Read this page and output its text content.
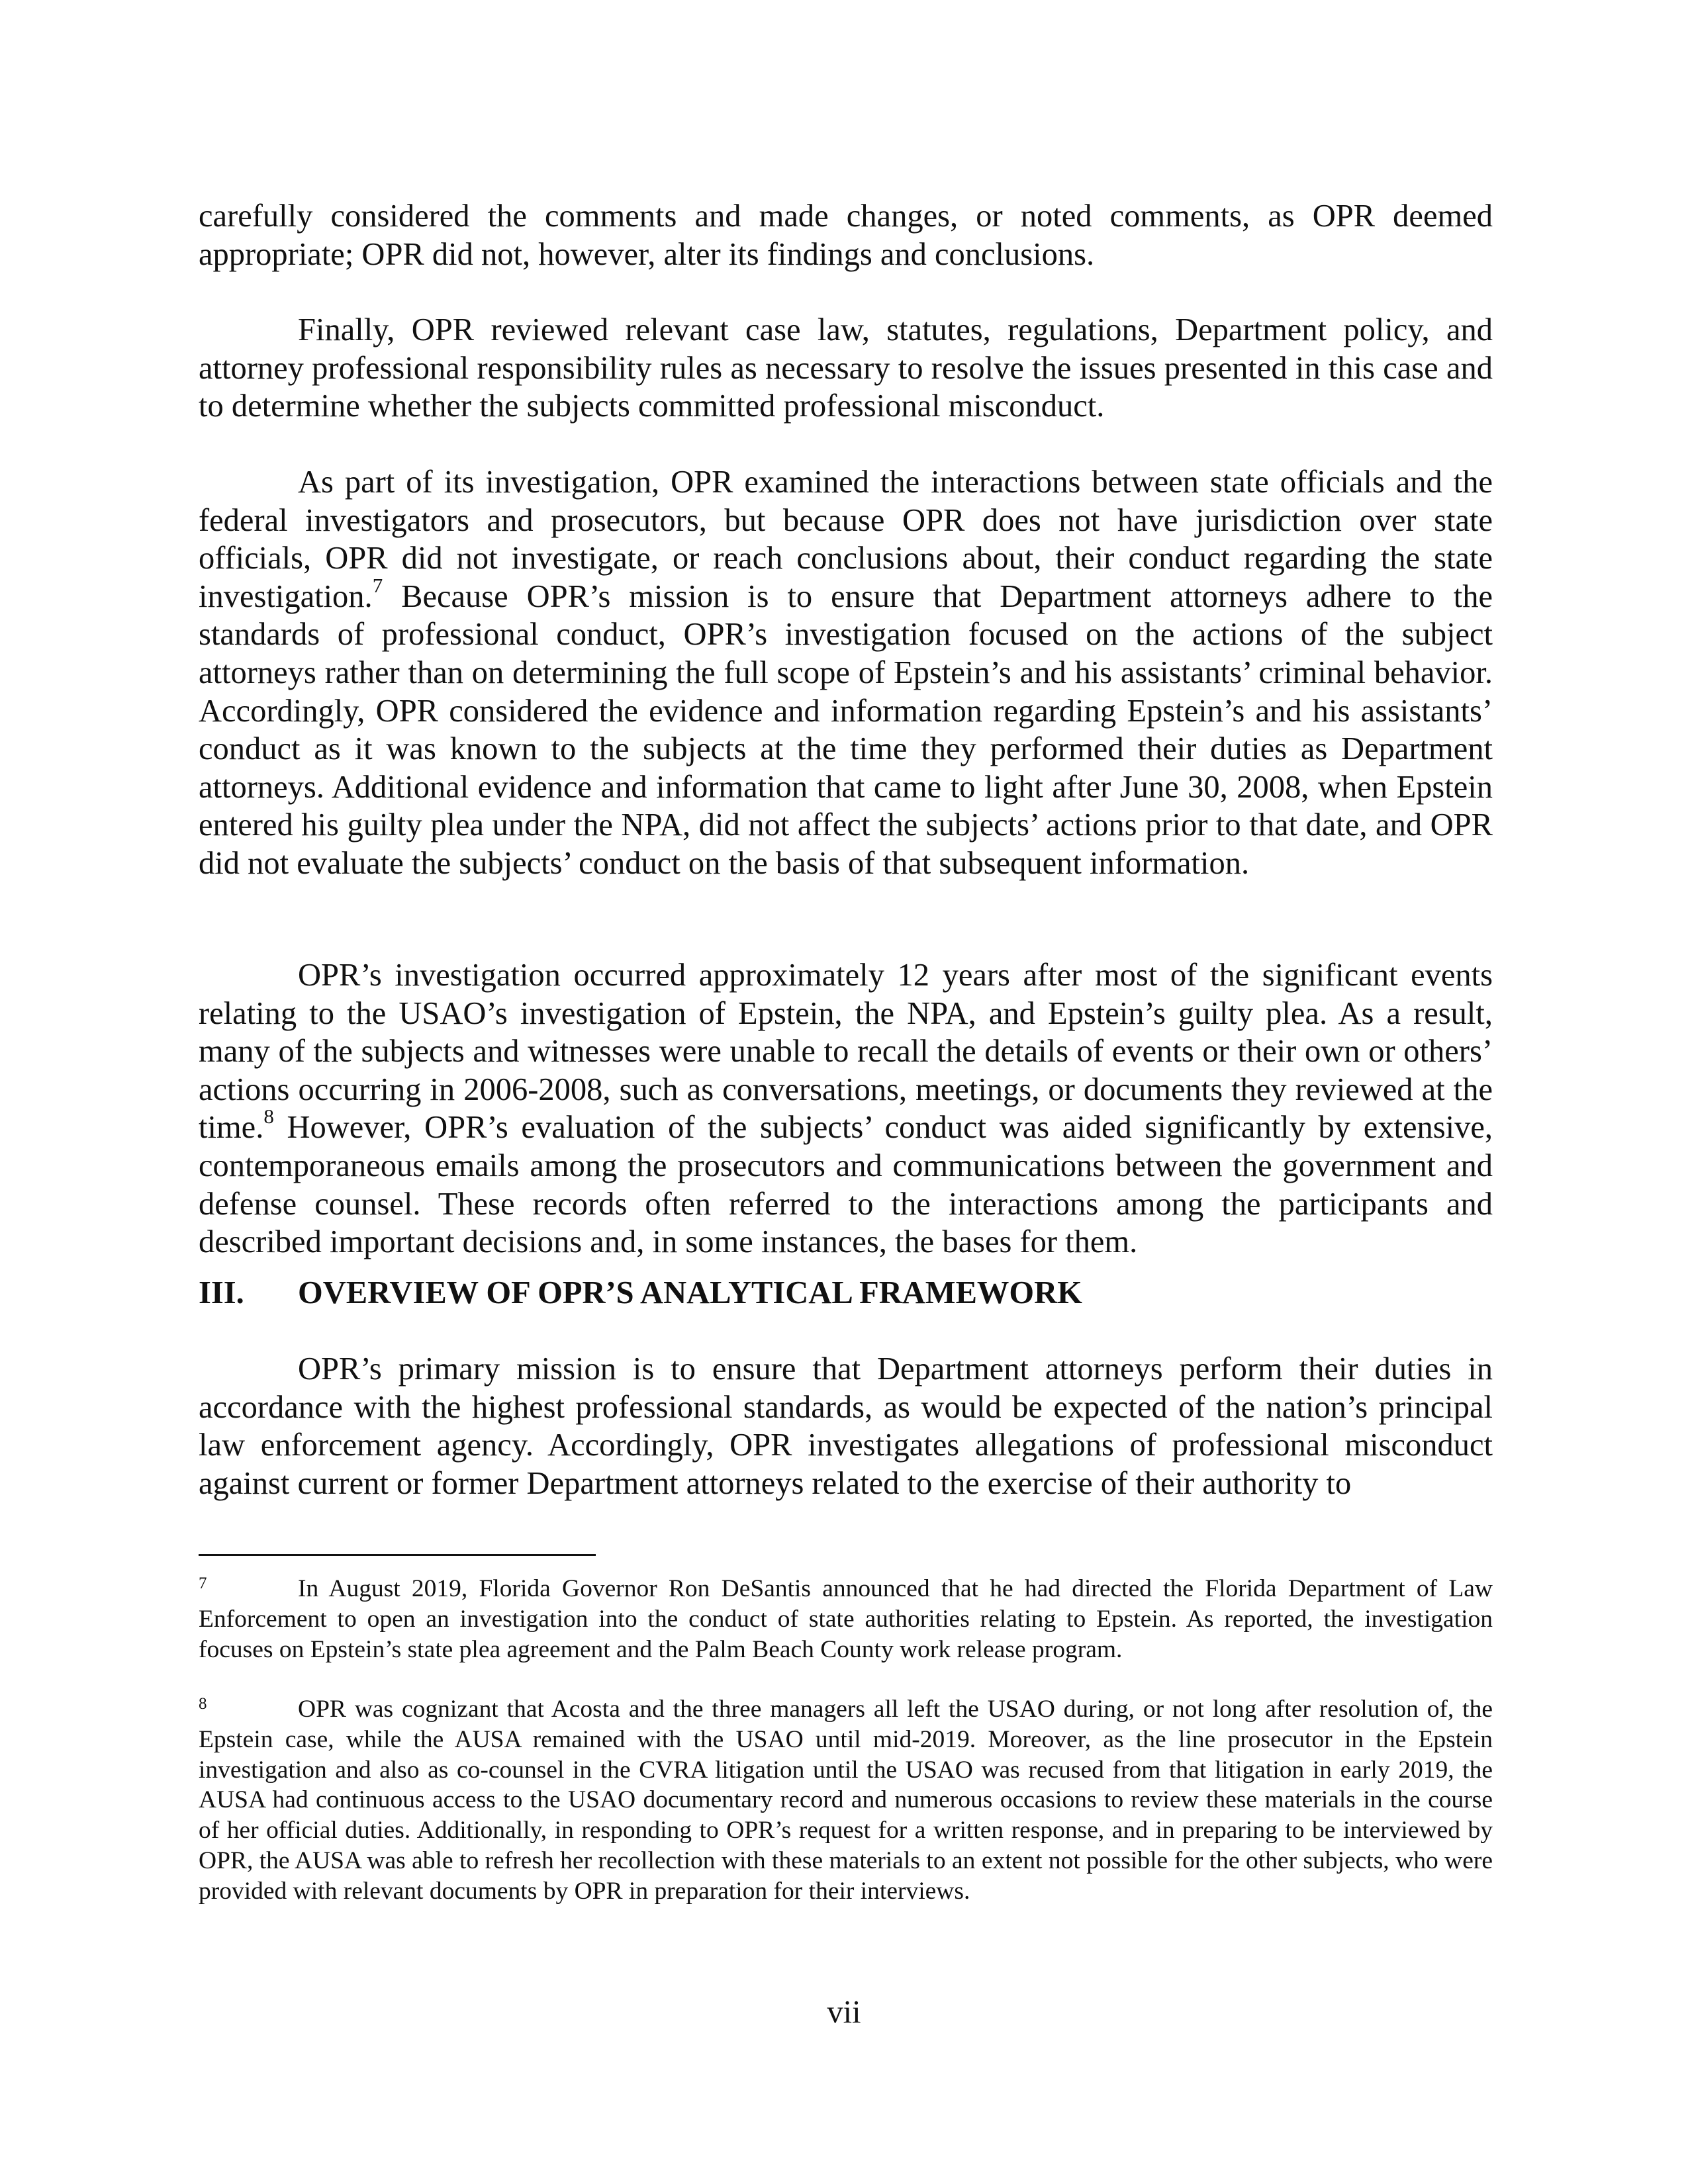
carefully considered the comments and made changes, or noted comments, as OPR deemed appropriate; OPR did not, however, alter its findings and conclusions.

Finally, OPR reviewed relevant case law, statutes, regulations, Department policy, and attorney professional responsibility rules as necessary to resolve the issues presented in this case and to determine whether the subjects committed professional misconduct.

As part of its investigation, OPR examined the interactions between state officials and the federal investigators and prosecutors, but because OPR does not have jurisdiction over state officials, OPR did not investigate, or reach conclusions about, their conduct regarding the state investigation.$^7$ Because OPR’s mission is to ensure that Department attorneys adhere to the standards of professional conduct, OPR’s investigation focused on the actions of the subject attorneys rather than on determining the full scope of Epstein’s and his assistants’ criminal behavior. Accordingly, OPR considered the evidence and information regarding Epstein’s and his assistants’ conduct as it was known to the subjects at the time they performed their duties as Department attorneys. Additional evidence and information that came to light after June 30, 2008, when Epstein entered his guilty plea under the NPA, did not affect the subjects’ actions prior to that date, and OPR did not evaluate the subjects’ conduct on the basis of that subsequent information.

OPR’s investigation occurred approximately 12 years after most of the significant events relating to the USAO’s investigation of Epstein, the NPA, and Epstein’s guilty plea. As a result, many of the subjects and witnesses were unable to recall the details of events or their own or others’ actions occurring in 2006-2008, such as conversations, meetings, or documents they reviewed at the time.$^8$ However, OPR’s evaluation of the subjects’ conduct was aided significantly by extensive, contemporaneous emails among the prosecutors and communications between the government and defense counsel. These records often referred to the interactions among the participants and described important decisions and, in some instances, the bases for them.

III. OVERVIEW OF OPR’S ANALYTICAL FRAMEWORK

OPR’s primary mission is to ensure that Department attorneys perform their duties in accordance with the highest professional standards, as would be expected of the nation’s principal law enforcement agency. Accordingly, OPR investigates allegations of professional misconduct against current or former Department attorneys related to the exercise of their authority to

7	In August 2019, Florida Governor Ron DeSantis announced that he had directed the Florida Department of Law Enforcement to open an investigation into the conduct of state authorities relating to Epstein. As reported, the investigation focuses on Epstein’s state plea agreement and the Palm Beach County work release program.

8	OPR was cognizant that Acosta and the three managers all left the USAO during, or not long after resolution of, the Epstein case, while the AUSA remained with the USAO until mid-2019. Moreover, as the line prosecutor in the Epstein investigation and also as co-counsel in the CVRA litigation until the USAO was recused from that litigation in early 2019, the AUSA had continuous access to the USAO documentary record and numerous occasions to review these materials in the course of her official duties. Additionally, in responding to OPR’s request for a written response, and in preparing to be interviewed by OPR, the AUSA was able to refresh her recollection with these materials to an extent not possible for the other subjects, who were provided with relevant documents by OPR in preparation for their interviews.

vii
